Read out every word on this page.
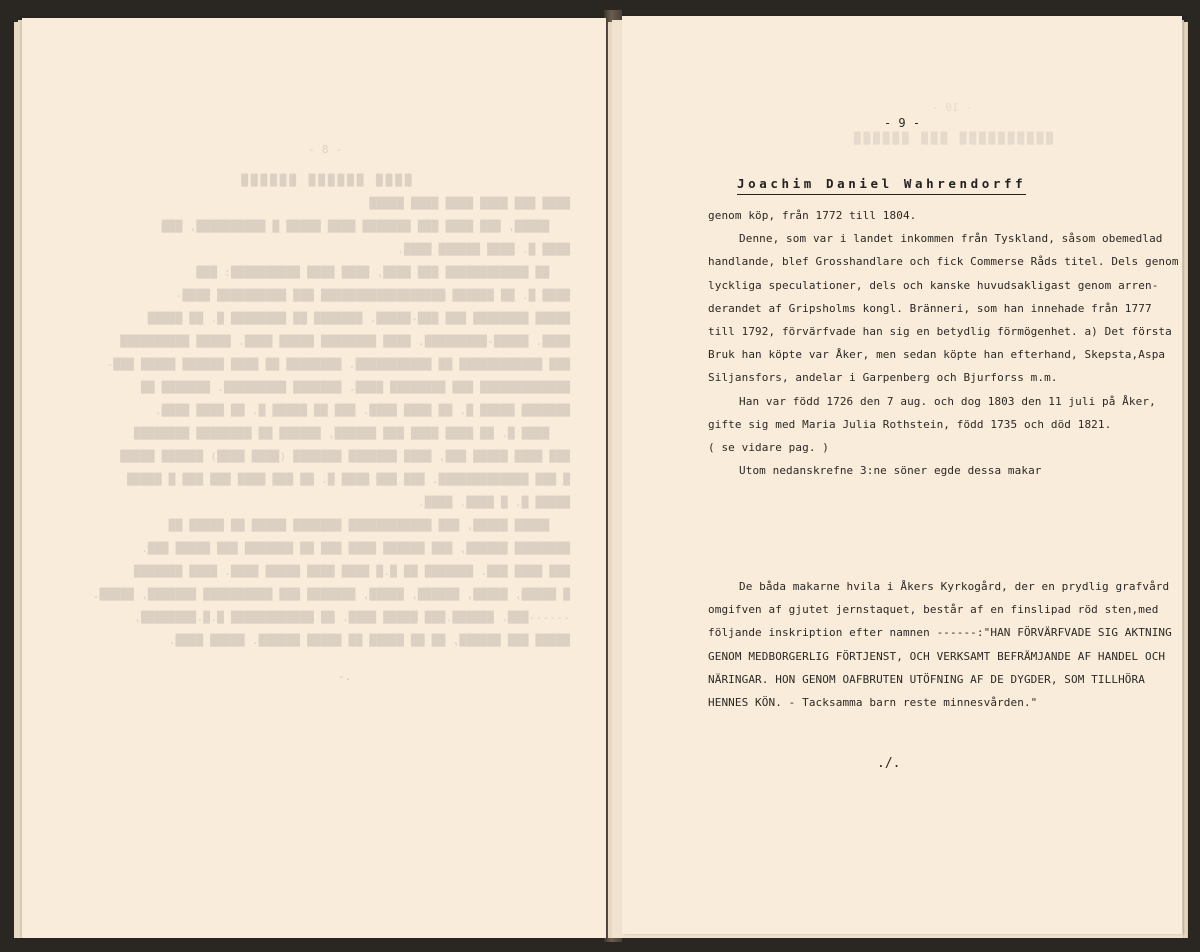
- 8 -
████ ██████ ██████
████ ███ ████ ████ ████ █████
█████, ███ ████ ███ ███████ ████ █████ █ ██████████, ███
████ █. ████ ██████ ████.
██ ████████████ ███ ████, ████ ████ ██████████: ███
████ █. ██ ██████ ██████████████████ ███ ██████████ ████-
█████ ████████ ███ ███-█████. ███████ ██ ████████ █. ██ █████
████. █████-█████████. ████ ████████ █████ ████. █████ ██████████
███ ████████████ ██ ███████████. ████████ ██ ████ ██████ █████ ███-
█████████████ ███ ████████ ████. ███████ █████████. ███████ ██
███████ █████ █. ██ ████ ████. ███ ██ █████ █. ██ ████ ████.
████ █. ██ ████ ████ ███ ██████, ██████ ██ ████████ ████████
███ ████ █████ ███, ████ ███████ ███████ (████ ████) ██████ █████
█ ███ █████████████. ███ ███ ████ █. ██ ███ ████ ███ ███ █ █████
█████ █. █ ████. ████.
█████ █████, ███ ████████████ ███████ █████ ██ █████ ██
████████ ██████, ███ ██████ ████ ███ ██ ███████ ███ █████ ███.
███ ████ ███. ███████ ██ █.█ ████ ████ █████ ████. ████ ███████
█ █████, █████, ██████, █████, ███████ ███ ██████████ ███████, █████.
------███. ██████.███ █████ ████. ██ ████████████ █.█.████████,
█████ ███ ██████, ██ ██ █████ ██ █████ ██████. █████ ████.
-.
- 10 -
██████████ ███ ██████
- 9 -
Joachim Daniel Wahrendorff
genom köp, från 1772 till 1804.
Denne, som var i landet inkommen från Tyskland, såsom obemedlad
handlande, blef Grosshandlare och fick Commerse Råds titel. Dels genom
lyckliga speculationer, dels och kanske huvudsakligast genom arren-
derandet af Gripsholms kongl. Bränneri, som han innehade från 1777
till 1792, förvärfvade han sig en betydlig förmögenhet. a) Det första
Bruk han köpte var Åker, men sedan köpte han efterhand, Skepsta,Aspa
Siljansfors, andelar i Garpenberg och Bjurforss m.m.
Han var född 1726 den 7 aug. och dog 1803 den 11 juli på Åker,
gifte sig med Maria Julia Rothstein, född 1735 och död 1821.
( se vidare pag. )
Utom nedanskrefne 3:ne söner egde dessa makar

De båda makarne hvila i Åkers Kyrkogård, der en prydlig grafvård
omgifven af gjutet jernstaquet, består af en finslipad röd sten,med
följande inskription efter namnen ------:"HAN FÖRVÄRFVADE SIG AKTNING
GENOM MEDBORGERLIG FÖRTJENST, OCH VERKSAMT BEFRÄMJANDE AF HANDEL OCH
NÄRINGAR. HON GENOM OAFBRUTEN UTÖFNING AF DE DYGDER, SOM TILLHÖRA
HENNES KÖN. - Tacksamma barn reste minnesvården."
./.
